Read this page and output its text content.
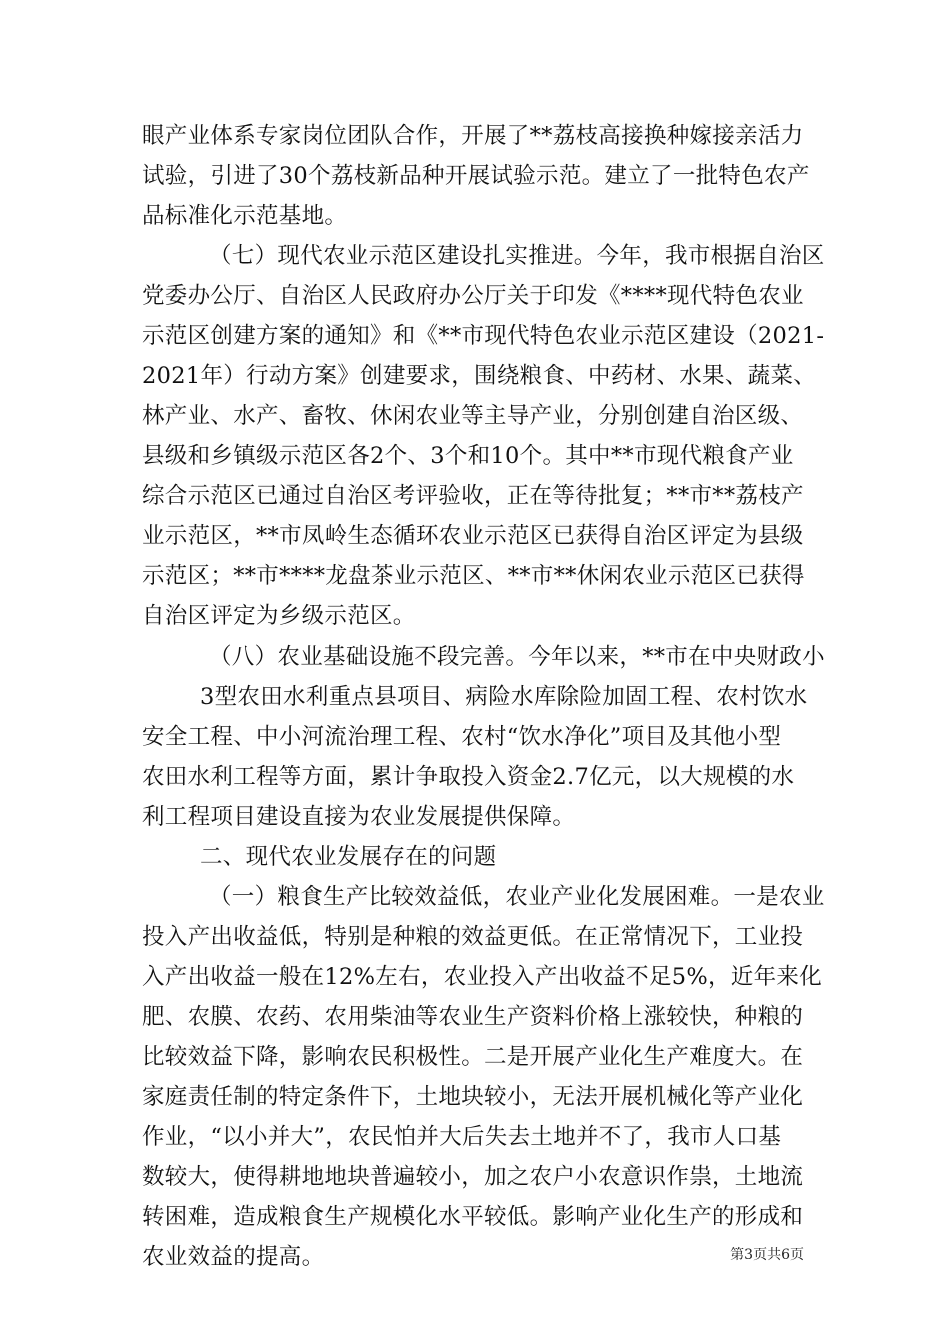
眼产业体系专家岗位团队合作，开展了**荔枝高接换种嫁接亲活力
试验，引进了30个荔枝新品种开展试验示范。建立了一批特色农产
品标准化示范基地。
（七）现代农业示范区建设扎实推进。今年，我市根据自治区
党委办公厅、自治区人民政府办公厅关于印发《****现代特色农业
示范区创建方案的通知》和《**市现代特色农业示范区建设（2021-
2021年）行动方案》创建要求，围绕粮食、中药材、水果、蔬菜、
林产业、水产、畜牧、休闲农业等主导产业，分别创建自治区级、
县级和乡镇级示范区各2个、3个和10个。其中**市现代粮食产业
综合示范区已通过自治区考评验收，正在等待批复；**市**荔枝产
业示范区，**市凤岭生态循环农业示范区已获得自治区评定为县级
示范区；**市****龙盘茶业示范区、**市**休闲农业示范区已获得
自治区评定为乡级示范区。
（八）农业基础设施不段完善。今年以来，**市在中央财政小
3型农田水利重点县项目、病险水库除险加固工程、农村饮水
安全工程、中小河流治理工程、农村“饮水净化”项目及其他小型
农田水利工程等方面，累计争取投入资金2.7亿元，以大规模的水
利工程项目建设直接为农业发展提供保障。
二、现代农业发展存在的问题
（一）粮食生产比较效益低，农业产业化发展困难。一是农业
投入产出收益低，特别是种粮的效益更低。在正常情况下，工业投
入产出收益一般在12%左右，农业投入产出收益不足5%，近年来化
肥、农膜、农药、农用柴油等农业生产资料价格上涨较快，种粮的
比较效益下降，影响农民积极性。二是开展产业化生产难度大。在
家庭责任制的特定条件下，土地块较小，无法开展机械化等产业化
作业，“以小并大”，农民怕并大后失去土地并不了，我市人口基
数较大，使得耕地地块普遍较小，加之农户小农意识作祟，土地流
转困难，造成粮食生产规模化水平较低。影响产业化生产的形成和
农业效益的提高。	第3页共6页
